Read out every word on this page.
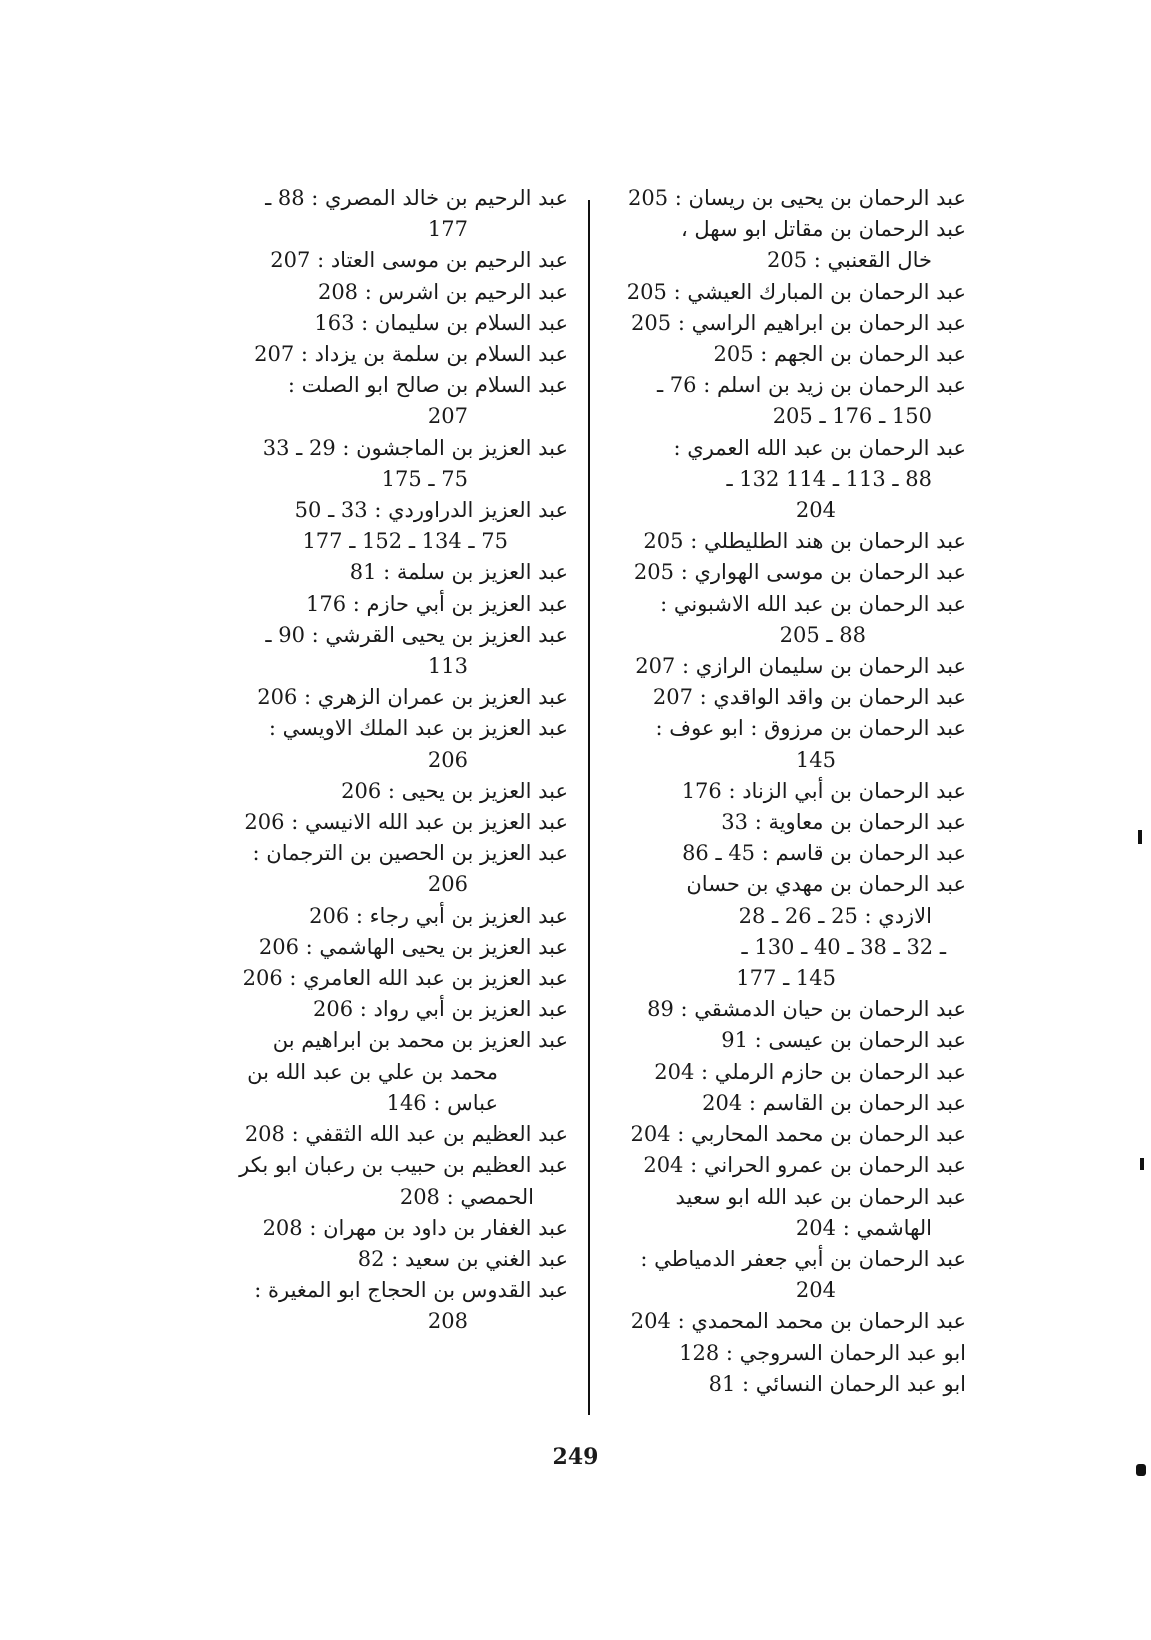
عبد الرحمان بن يحيى بن ريسان : 205
عبد الرحمان بن مقاتل ابو سهل ،
خال القعنبي : 205
عبد الرحمان بن المبارك العيشي : 205
عبد الرحمان بن ابراهيم الراسي : 205
عبد الرحمان بن الجهم : 205
عبد الرحمان بن زيد بن اسلم : 76 ـ
150 ـ 176 ـ 205
عبد الرحمان بن عبد الله العمري :
88 ـ 113 ـ 114 132 ـ
204
عبد الرحمان بن هند الطليطلي : 205
عبد الرحمان بن موسى الهواري : 205
عبد الرحمان بن عبد الله الاشبوني :
88 ـ 205
عبد الرحمان بن سليمان الرازي : 207
عبد الرحمان بن واقد الواقدي : 207
عبد الرحمان بن مرزوق : ابو عوف :
145
عبد الرحمان بن أبي الزناد : 176
عبد الرحمان بن معاوية : 33
عبد الرحمان بن قاسم : 45 ـ 86
عبد الرحمان بن مهدي بن حسان
الازدي : 25 ـ 26 ـ 28
ـ 32 ـ 38 ـ 40 ـ 130 ـ
145 ـ 177
عبد الرحمان بن حيان الدمشقي : 89
عبد الرحمان بن عيسى : 91
عبد الرحمان بن حازم الرملي : 204
عبد الرحمان بن القاسم : 204
عبد الرحمان بن محمد المحاربي : 204
عبد الرحمان بن عمرو الحراني : 204
عبد الرحمان بن عبد الله ابو سعيد
الهاشمي : 204
عبد الرحمان بن أبي جعفر الدمياطي :
204
عبد الرحمان بن محمد المحمدي : 204
ابو عبد الرحمان السروجي : 128
ابو عبد الرحمان النسائي : 81
عبد الرحيم بن خالد المصري : 88 ـ
177
عبد الرحيم بن موسى العتاد : 207
عبد الرحيم بن اشرس : 208
عبد السلام بن سليمان : 163
عبد السلام بن سلمة بن يزداد : 207
عبد السلام بن صالح ابو الصلت :
207
عبد العزيز بن الماجشون : 29 ـ 33
75 ـ 175
عبد العزيز الدراوردي : 33 ـ 50
75 ـ 134 ـ 152 ـ 177
عبد العزيز بن سلمة : 81
عبد العزيز بن أبي حازم : 176
عبد العزيز بن يحيى القرشي : 90 ـ
113
عبد العزيز بن عمران الزهري : 206
عبد العزيز بن عبد الملك الاويسي :
206
عبد العزيز بن يحيى : 206
عبد العزيز بن عبد الله الانيسي : 206
عبد العزيز بن الحصين بن الترجمان :
206
عبد العزيز بن أبي رجاء : 206
عبد العزيز بن يحيى الهاشمي : 206
عبد العزيز بن عبد الله العامري : 206
عبد العزيز بن أبي رواد : 206
عبد العزيز بن محمد بن ابراهيم بن
محمد بن علي بن عبد الله بن
عباس : 146
عبد العظيم بن عبد الله الثقفي : 208
عبد العظيم بن حبيب بن رعبان ابو بكر
الحمصي : 208
عبد الغفار بن داود بن مهران : 208
عبد الغني بن سعيد : 82
عبد القدوس بن الحجاج ابو المغيرة :
208
249
